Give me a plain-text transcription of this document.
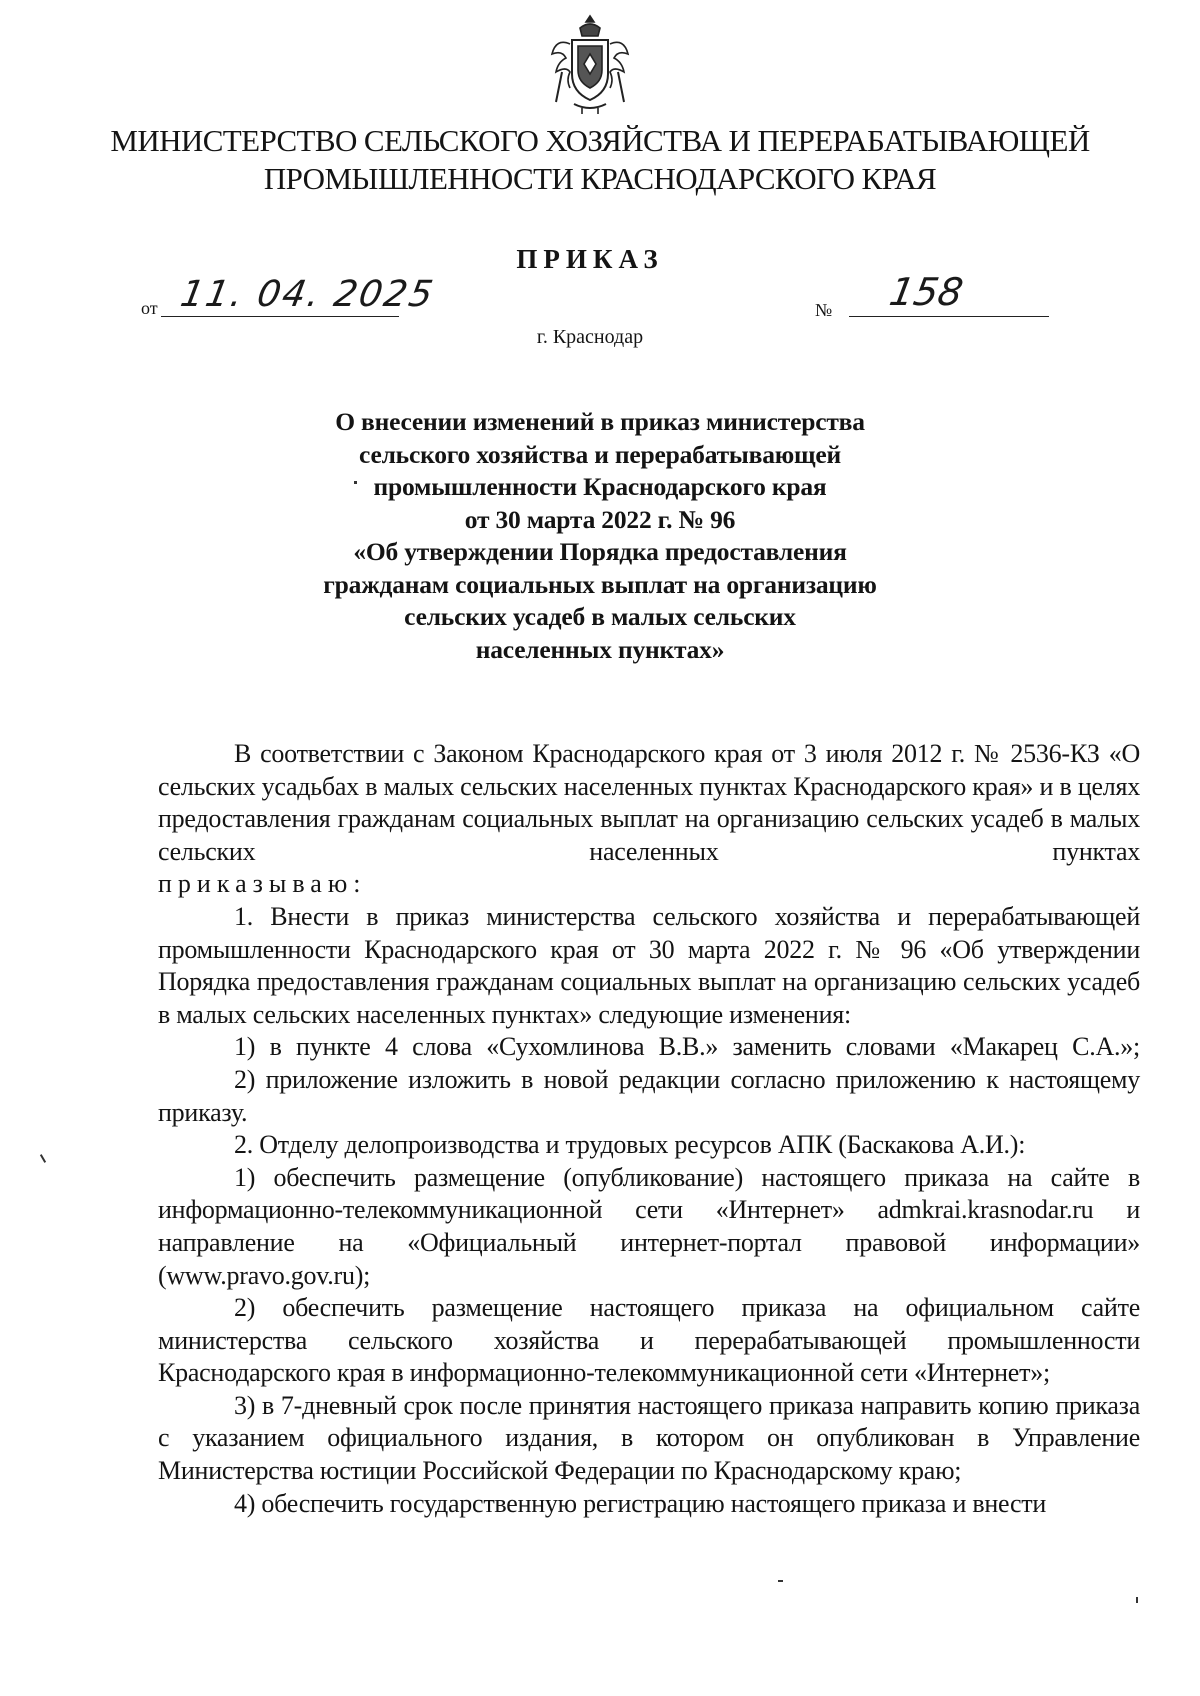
МИНИСТЕРСТВО СЕЛЬСКОГО ХОЗЯЙСТВА И ПЕРЕРАБАТЫВАЮЩЕЙ
ПРОМЫШЛЕННОСТИ КРАСНОДАРСКОГО КРАЯ
ПРИКАЗ
от 11. 04. 2025	№ 158
г. Краснодар
О внесении изменений в приказ министерства
сельского хозяйства и перерабатывающей
промышленности Краснодарского края
от 30 марта 2022 г. № 96
«Об утверждении Порядка предоставления
гражданам социальных выплат на организацию
сельских усадеб в малых сельских
населенных пунктах»

В соответствии с Законом Краснодарского края от 3 июля 2012 г. № 2536-КЗ «О сельских усадьбах в малых сельских населенных пунктах Краснодарского края» и в целях предоставления гражданам социальных выплат на организацию сельских усадеб в малых сельских населенных пунктах

приказываю:

1. Внести в приказ министерства сельского хозяйства и перерабатывающей промышленности Краснодарского края от 30 марта 2022 г. № 96 «Об утверждении Порядка предоставления гражданам социальных выплат на организацию сельских усадеб в малых сельских населенных пунктах» следующие изменения:

1) в пункте 4 слова «Сухомлинова В.В.» заменить словами «Макарец С.А.»;

2) приложение изложить в новой редакции согласно приложению к настоящему приказу.

2. Отделу делопроизводства и трудовых ресурсов АПК (Баскакова А.И.):

1) обеспечить размещение (опубликование) настоящего приказа на сайте в информационно-телекоммуникационной сети «Интернет» admkrai.krasnodar.ru и направление на «Официальный интернет-портал правовой информации» (www.pravo.gov.ru);

2) обеспечить размещение настоящего приказа на официальном сайте министерства сельского хозяйства и перерабатывающей промышленности Краснодарского края в информационно-телекоммуникационной сети «Интернет»;

3) в 7-дневный срок после принятия настоящего приказа направить копию приказа с указанием официального издания, в котором он опубликован в Управление Министерства юстиции Российской Федерации по Краснодарскому краю;

4) обеспечить государственную регистрацию настоящего приказа и внести
